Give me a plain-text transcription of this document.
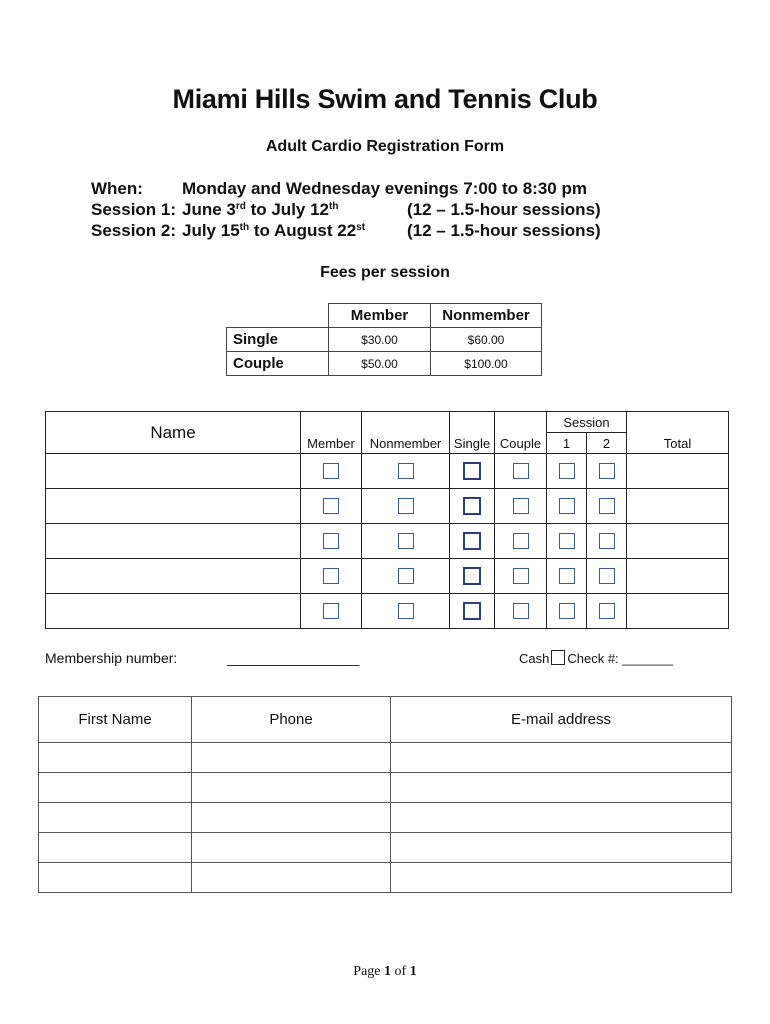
Miami Hills Swim and Tennis Club
Adult Cardio Registration Form
When: Monday and Wednesday evenings 7:00 to 8:30 pm
Session 1: June 3rd to July 12th	(12 – 1.5-hour sessions)
Session 2: July 15th to August 22st (12 – 1.5-hour sessions)
Fees per session
	Member	Nonmember
Single	$30.00	$60.00
Couple	$50.00	$100.00
Name	Member	Nonmember	Single	Couple	Session		Total
					1	2	

Membership number:	_________________	Cash Check #: _______
First Name	Phone	E-mail address

Page 1 of 1
